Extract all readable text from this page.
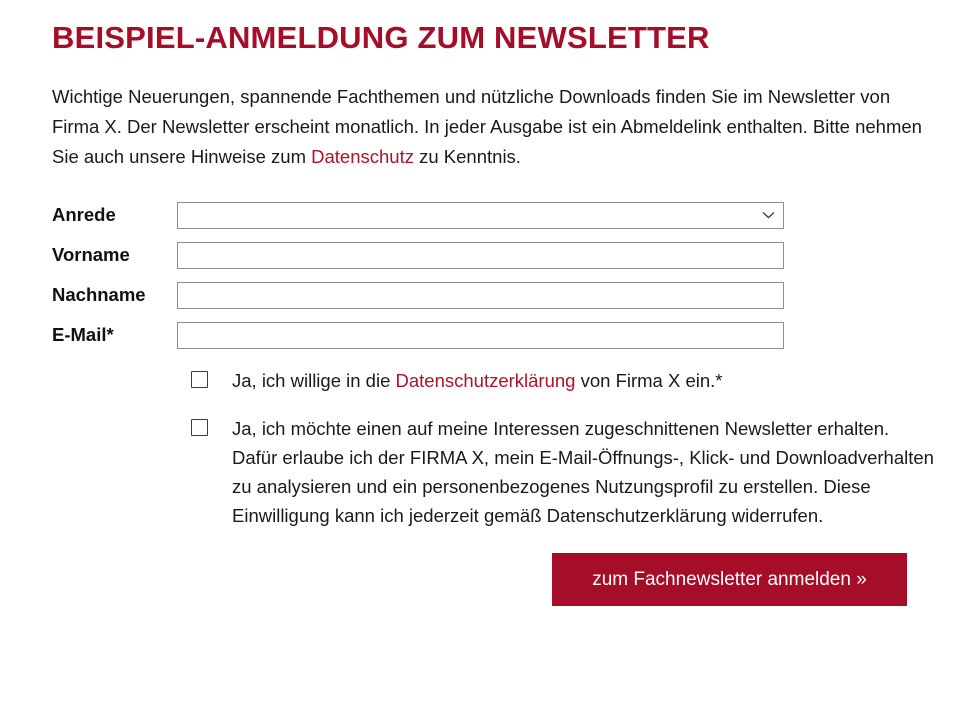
BEISPIEL-ANMELDUNG ZUM NEWSLETTER

Wichtige Neuerungen, spannende Fachthemen und nützliche Downloads finden Sie im Newsletter von Firma X. Der Newsletter erscheint monatlich. In jeder Ausgabe ist ein Abmeldelink enthalten. Bitte nehmen Sie auch unsere Hinweise zum Datenschutz zu Kenntnis.

Anrede
Vorname
Nachname
E-Mail*
Ja, ich willige in die Datenschutzerklärung von Firma X ein.*
Ja, ich möchte einen auf meine Interessen zugeschnittenen Newsletter erhalten. Dafür erlaube ich der FIRMA X, mein E-Mail-Öffnungs-, Klick- und Downloadverhalten zu analysieren und ein personenbezogenes Nutzungsprofil zu erstellen. Diese Einwilligung kann ich jederzeit gemäß Datenschutzerklärung widerrufen.
zum Fachnewsletter anmelden »
